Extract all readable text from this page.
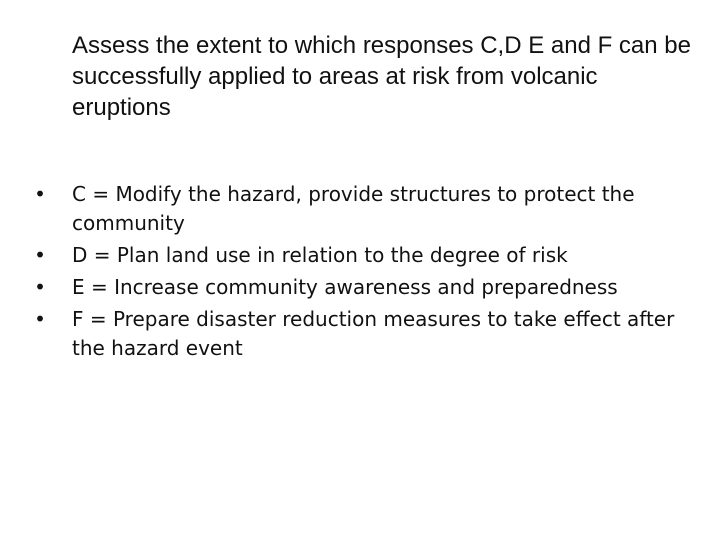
Assess the extent to which responses C,D E and F can be successfully applied to areas at risk from volcanic eruptions
• C = Modify the hazard, provide structures to protect the community
• D = Plan land use in relation to the degree of risk
• E = Increase community awareness and preparedness
• F = Prepare disaster reduction measures to take effect after the hazard event
